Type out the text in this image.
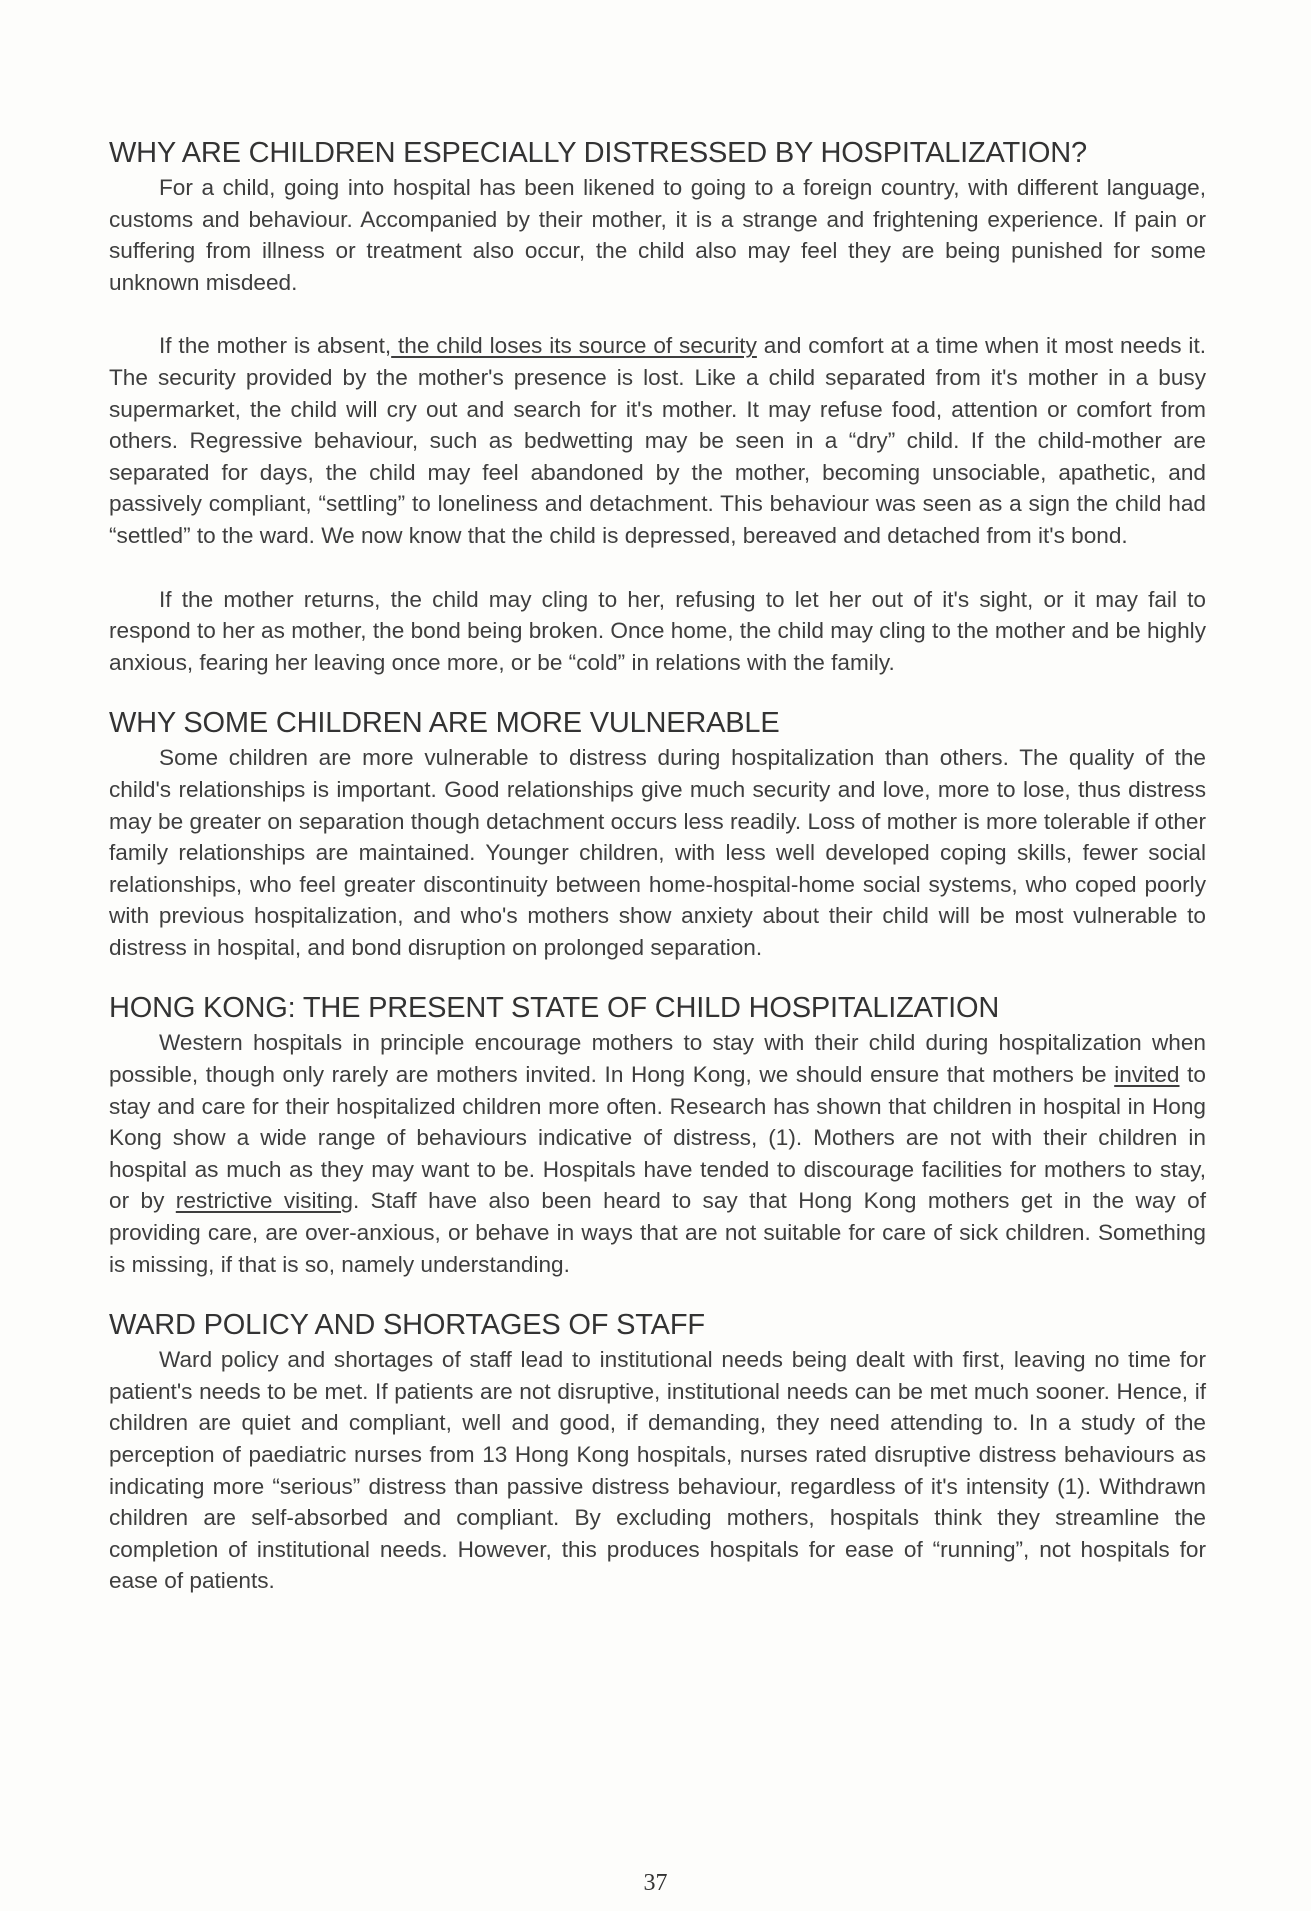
WHY ARE CHILDREN ESPECIALLY DISTRESSED BY HOSPITALIZATION?

For a child, going into hospital has been likened to going to a foreign country, with different language, customs and behaviour. Accompanied by their mother, it is a strange and frightening experience. If pain or suffering from illness or treatment also occur, the child also may feel they are being punished for some unknown misdeed.

If the mother is absent, the child loses its source of security and comfort at a time when it most needs it. The security provided by the mother's presence is lost. Like a child separated from it's mother in a busy supermarket, the child will cry out and search for it's mother. It may refuse food, attention or comfort from others. Regressive behaviour, such as bedwetting may be seen in a “dry” child. If the child-mother are separated for days, the child may feel abandoned by the mother, becoming unsociable, apathetic, and passively compliant, “settling” to loneliness and detachment. This behaviour was seen as a sign the child had “settled” to the ward. We now know that the child is depressed, bereaved and detached from it's bond.

If the mother returns, the child may cling to her, refusing to let her out of it's sight, or it may fail to respond to her as mother, the bond being broken. Once home, the child may cling to the mother and be highly anxious, fearing her leaving once more, or be “cold” in relations with the family.

WHY SOME CHILDREN ARE MORE VULNERABLE

Some children are more vulnerable to distress during hospitalization than others. The quality of the child's relationships is important. Good relationships give much security and love, more to lose, thus distress may be greater on separation though detachment occurs less readily. Loss of mother is more tolerable if other family relationships are maintained. Younger children, with less well developed coping skills, fewer social relationships, who feel greater discontinuity between home-hospital-home social systems, who coped poorly with previous hospitalization, and who's mothers show anxiety about their child will be most vulnerable to distress in hospital, and bond disruption on prolonged separation.

HONG KONG: THE PRESENT STATE OF CHILD HOSPITALIZATION

Western hospitals in principle encourage mothers to stay with their child during hospitalization when possible, though only rarely are mothers invited. In Hong Kong, we should ensure that mothers be invited to stay and care for their hospitalized children more often. Research has shown that children in hospital in Hong Kong show a wide range of behaviours indicative of distress, (1). Mothers are not with their children in hospital as much as they may want to be. Hospitals have tended to discourage facilities for mothers to stay, or by restrictive visiting. Staff have also been heard to say that Hong Kong mothers get in the way of providing care, are over-anxious, or behave in ways that are not suitable for care of sick children. Something is missing, if that is so, namely understanding.

WARD POLICY AND SHORTAGES OF STAFF

Ward policy and shortages of staff lead to institutional needs being dealt with first, leaving no time for patient's needs to be met. If patients are not disruptive, institutional needs can be met much sooner. Hence, if children are quiet and compliant, well and good, if demanding, they need attending to. In a study of the perception of paediatric nurses from 13 Hong Kong hospitals, nurses rated disruptive distress behaviours as indicating more “serious” distress than passive distress behaviour, regardless of it's intensity (1). Withdrawn children are self-absorbed and compliant. By excluding mothers, hospitals think they streamline the completion of institutional needs. However, this produces hospitals for ease of “running”, not hospitals for ease of patients.

37
